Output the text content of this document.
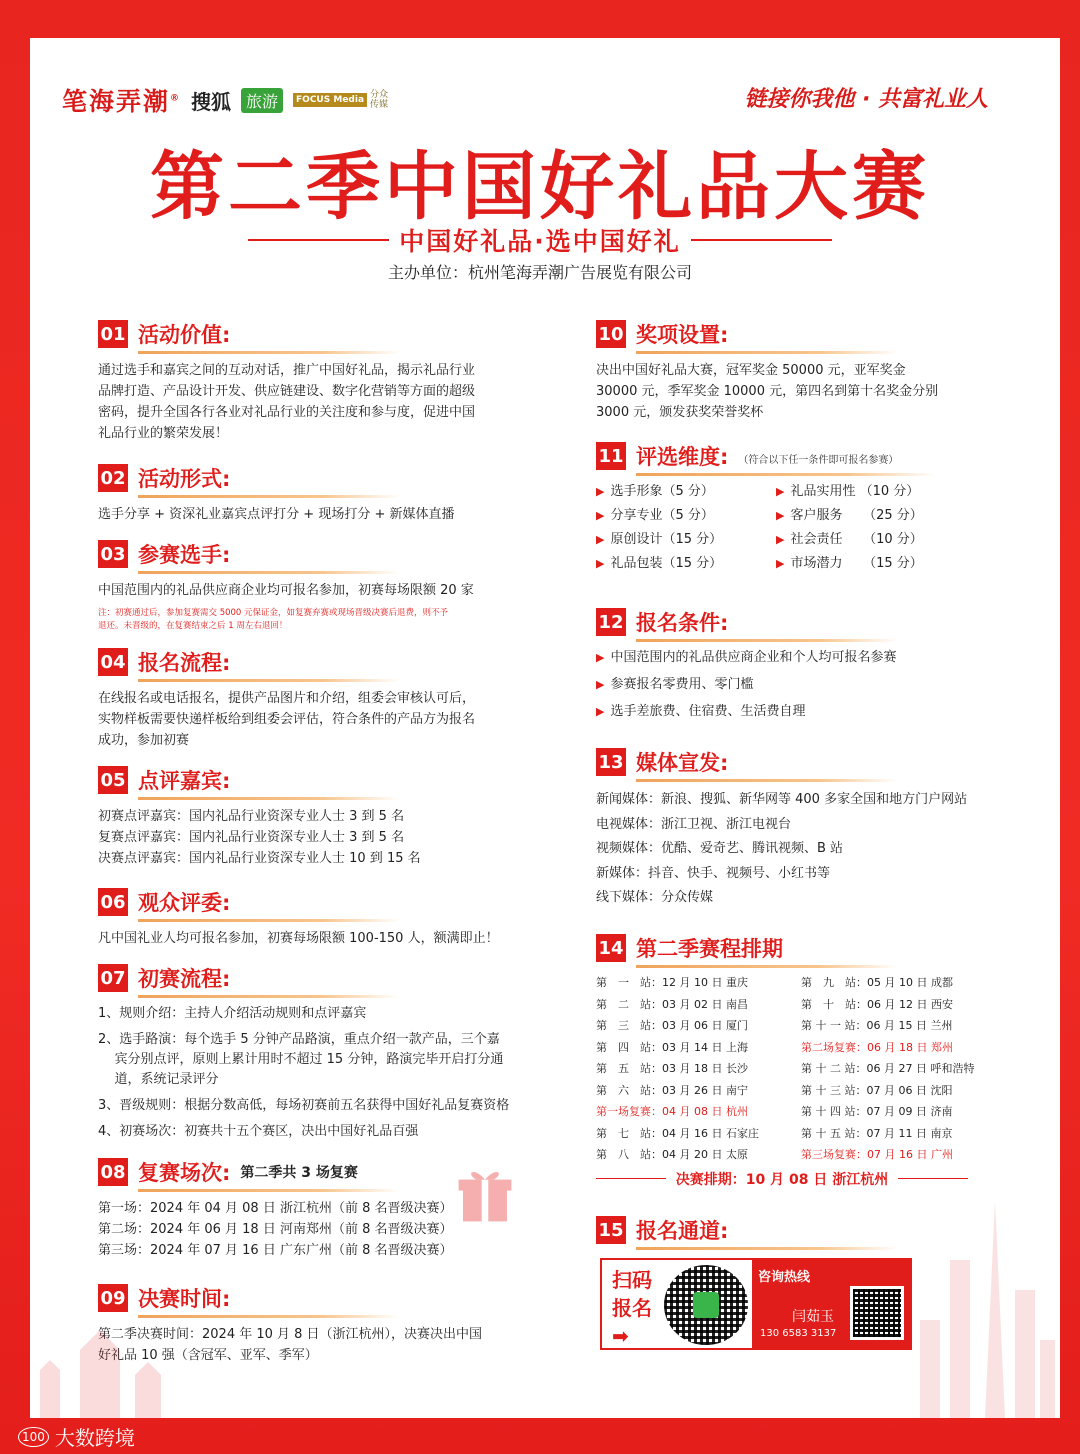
笔海弄潮® 搜狐 旅游	FOCUS Media 分众传媒	链接你我他 · 共富礼业人
第二季中国好礼品大赛
中国好礼品·选中国好礼
主办单位：杭州笔海弄潮广告展览有限公司
01 活动价值:
通过选手和嘉宾之间的互动对话，推广中国好礼品，揭示礼品行业
品牌打造、产品设计开发、供应链建设、数字化营销等方面的超级
密码，提升全国各行各业对礼品行业的关注度和参与度，促进中国
礼品行业的繁荣发展！
02 活动形式:
选手分享 + 资深礼业嘉宾点评打分 + 现场打分 + 新媒体直播
03 参赛选手:
中国范围内的礼品供应商企业均可报名参加，初赛每场限额 20 家
注：初赛通过后，参加复赛需交 5000 元保证金，如复赛弃赛或现场晋级决赛后退费，则不予
退还。未晋级的，在复赛结束之后 1 周左右退回！
04 报名流程:
在线报名或电话报名，提供产品图片和介绍，组委会审核认可后，
实物样板需要快递样板给到组委会评估，符合条件的产品方为报名
成功，参加初赛
05 点评嘉宾:
初赛点评嘉宾：国内礼品行业资深专业人士 3 到 5 名
复赛点评嘉宾：国内礼品行业资深专业人士 3 到 5 名
决赛点评嘉宾：国内礼品行业资深专业人士 10 到 15 名
06 观众评委:
凡中国礼业人均可报名参加，初赛每场限额 100-150 人，额满即止！
07 初赛流程:
1、规则介绍：主持人介绍活动规则和点评嘉宾
2、选手路演：每个选手 5 分钟产品路演，重点介绍一款产品，三个嘉
宾分别点评，原则上累计用时不超过 15 分钟，路演完毕开启打分通
道，系统记录评分
3、晋级规则：根据分数高低，每场初赛前五名获得中国好礼品复赛资格
4、初赛场次：初赛共十五个赛区，决出中国好礼品百强
08 复赛场次: 第二季共 3 场复赛
第一场：2024 年 04 月 08 日 浙江杭州（前 8 名晋级决赛）
第二场：2024 年 06 月 18 日 河南郑州（前 8 名晋级决赛）
第三场：2024 年 07 月 16 日 广东广州（前 8 名晋级决赛）
09 决赛时间:
第二季决赛时间：2024 年 10 月 8 日（浙江杭州），决赛决出中国
好礼品 10 强（含冠军、亚军、季军）
10 奖项设置:
决出中国好礼品大赛，冠军奖金 50000 元，亚军奖金
30000 元，季军奖金 10000 元，第四名到第十名奖金分别
3000 元，颁发获奖荣誉奖杯
11 评选维度: （符合以下任一条件即可报名参赛）
▶ 选手形象（5 分）	▶ 礼品实用性 （10 分）
▶ 分享专业（5 分）	▶ 客户服务     （25 分）
▶ 原创设计（15 分）	▶ 社会责任     （10 分）
▶ 礼品包装（15 分）	▶ 市场潜力     （15 分）
12 报名条件:
▶ 中国范围内的礼品供应商企业和个人均可报名参赛
▶ 参赛报名零费用、零门槛
▶ 选手差旅费、住宿费、生活费自理
13 媒体宣发:
新闻媒体：新浪、搜狐、新华网等 400 多家全国和地方门户网站
电视媒体：浙江卫视、浙江电视台
视频媒体：优酷、爱奇艺、腾讯视频、B 站
新媒体：抖音、快手、视频号、小红书等
线下媒体：分众传媒
14 第二季赛程排期
第　一　站：12 月 10 日 重庆	第　九　站：05 月 10 日 成都
第　二　站：03 月 02 日 南昌	第　十　站：06 月 12 日 西安
第　三　站：03 月 06 日 厦门	第 十 一 站：06 月 15 日 兰州
第　四　站：03 月 14 日 上海	第二场复赛：06 月 18 日 郑州
第　五　站：03 月 18 日 长沙	第 十 二 站：06 月 27 日 呼和浩特
第　六　站：03 月 26 日 南宁	第 十 三 站：07 月 06 日 沈阳
第一场复赛：04 月 08 日 杭州	第 十 四 站：07 月 09 日 济南
第　七　站：04 月 16 日 石家庄	第 十 五 站：07 月 11 日 南京
第　八　站：04 月 20 日 太原	第三场复赛：07 月 16 日 广州
决赛排期：10 月 08 日 浙江杭州
15 报名通道:
扫码
报名
➡
咨询热线
闫茹玉
130 6583 3137
100 大数跨境
